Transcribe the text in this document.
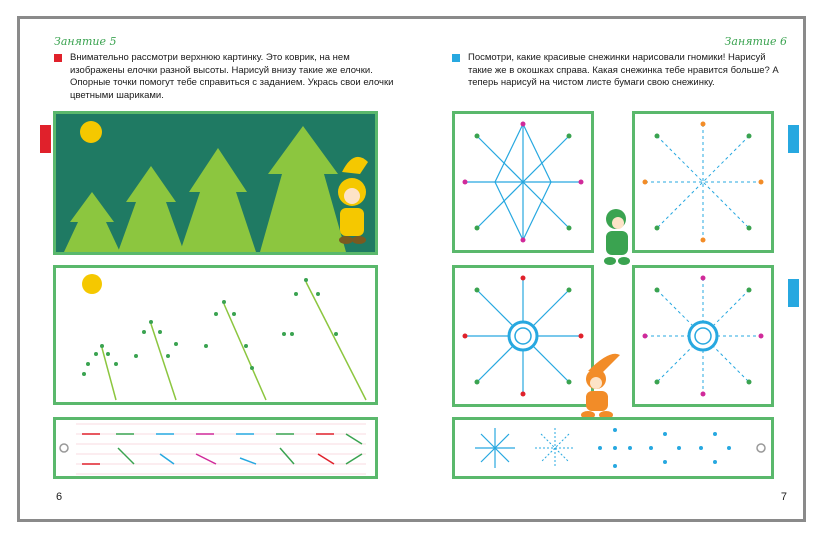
Занятие 5
Внимательно рассмотри верхнюю картинку. Это коврик, на нем изображены елочки разной высоты. Нарисуй внизу такие же елочки. Опорные точки помогут тебе справиться с заданием. Укрась свои елочки цветными шариками.
6
Занятие 6
Посмотри, какие красивые снежинки нарисовали гномики! Нарисуй такие же в окошках справа. Какая снежинка тебе нравится больше? А теперь нарисуй на чистом листе бумаги свою снежинку.
7
